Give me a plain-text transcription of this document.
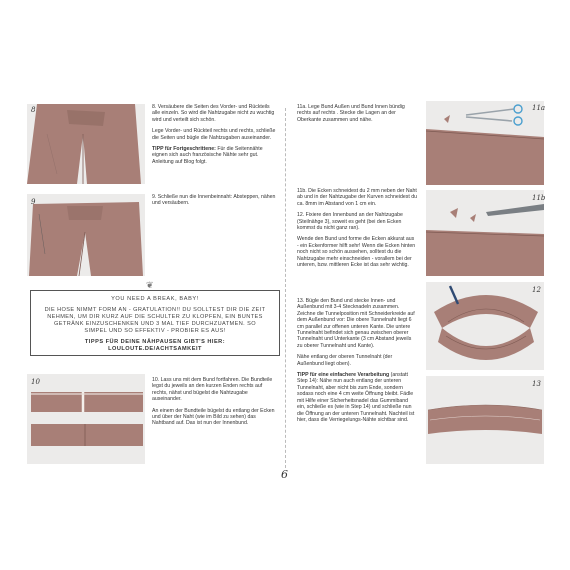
8
9

8. Versäubere die Seiten des Vorder- und Rückteils alle einzeln. So wird die Nahtzugabe nicht zu wuchtig wird und verteilt sich schön.

Lege Vorder- und Rückteil rechts und rechts, schließe die Seiten und bügle die Nahtzugaben auseinander.

TIPP für Fortgeschrittene: Für die Seitennähte eignen sich auch französische Nähte sehr gut. Anleitung auf Blog folgt.

9. Schließe nun die Innenbeinnaht: Absteppen, nähen und versäubern.

YOU NEED A BREAK, BABY!
DIE HOSE NIMMT FORM AN - GRATULATION!! DU SOLLTEST DIR DIE ZEIT NEHMEN, UM DIR KURZ AUF DIE SCHULTER ZU KLOPFEN, EIN BUNTES GETRÄNK EINZUSCHENKEN UND 3 MAL TIEF DURCHZUATMEN. SO SIMPEL UND SO EFFEKTIV - PROBIER ES AUS!
TIPPS FÜR DEINE NÄHPAUSEN GIBT'S HIER:
LOULOUTE.DE/ACHTSAMKEIT
❦
10	10. Lass uns mit dem Bund fortfahren. Die Bundteile legst du jeweils an den kurzen Enden rechts auf rechts, nähst und bügelst die Nahtzugabe auseinander.

An einem der Bundteile bügelst du entlang der Ecken und über der Naht (wie im Bild zu sehen) das Nahtband auf. Das ist nun der Innenbund.

11a. Lege Bund Außen und Bund Innen bündig rechts auf rechts . Stecke die Lagen an der Oberkante zusammen und nähe.

11b. Die Ecken schneidest du 2 mm neben der Naht ab und in der Nahtzugabe der Kurven schneidest du ca. 8mm im Abstand von 1 cm ein.

12. Fixiere den Innenbund an der Nahtzugabe (Steilnähge 3), soweit es geht (bei den Ecken kommst du nicht ganz ran).

Wende den Bund und forme die Ecken akkurat aus - ein Eckenformer hilft sehr! Wenn die Ecken hinten noch nicht so schön aussehen, solltest du die Nahtzugabe mehr einschneiden - vorallem bei der unteren, bzw. mittleren Ecke ist das sehr wichtig.

13. Bügle den Bund und stecke Innen- und Außenbund mit 3-4 Stecknadeln zusammen. Zeichne die Tunnelposition mit Schneiderkreide auf dem Außenbund vor: Die obere Tunnelnaht liegt 6 cm parallel zur offenen unteren Kante. Die untere Tunnelnaht befindet sich genau zwischen oberer Tunnelnaht und Unterkante (3 cm Abstand jeweils zu oberer Tunnelnaht und Kante).

Nähe entlang der oberen Tunnelnaht (der Außenbund liegt oben).

TIPP für eine einfachere Verarbeitung (anstatt Step 14): Nähe nun auch entlang der unteren Tunnelnaht, aber nicht bis zum Ende, sondern sodass noch eine 4 cm weite Öffnung bleibt. Fädle mit Hilfe einer Sicherheitsnadel das Gummiband ein, schließe es (wie in Step 14) und schließe nun die Öffnung an der unteren Tunnelnaht. Nachteil ist hier, dass die Verriegelungs-Nähte sichtbar sind.

11a
11b
12
13
6
